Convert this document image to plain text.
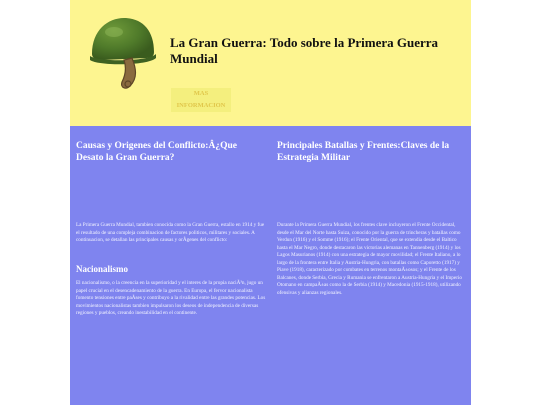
La Gran Guerra: Todo sobre la Primera Guerra Mundial
MAS INFORMACION
Causas y Origenes del Conflicto:Â¿Que Desato la Gran Guerra?

La Primera Guerra Mundial, tambien conocida como la Gran Guerra, estallo en 1914 y fue el resultado de una compleja combinacion de factores politicos, militares y sociales. A continuacion, se detallan las principales causas y orÃgenes del conflicto:

Nacionalismo

El nacionalismo, o la creencia en la superioridad y el interes de la propia naciÃ³n, jugo un papel crucial en el desencadenamiento de la guerra. En Europa, el fervor nacionalista fomento tensiones entre paÃses y contribuyo a la rivalidad entre las grandes potencias. Los movimientos nacionalistas tambien impulsaron los deseos de independencia de diversas regiones y pueblos, creando inestabilidad en el continente.

Principales Batallas y Frentes:Claves de la Estrategia Militar

Durante la Primera Guerra Mundial, los frentes clave incluyeron el Frente Occidental, desde el Mar del Norte hasta Suiza, conocido por la guerra de trincheras y batallas como Verdun (1916) y el Somme (1916); el Frente Oriental, que se extendia desde el Baltico hasta el Mar Negro, donde destacaron las victorias alemanas en Tannenberg (1914) y los Lagos Masurianos (1914) con una estrategia de mayor movilidad; el Frente Italiano, a lo largo de la frontera entre Italia y Austria-Hungria, con batallas como Caporetto (1917) y Piave (1918), caracterizado por combates en terrenos montaÃ±osos; y el Frente de los Balcanes, donde Serbia, Grecia y Rumania se enfrentaron a Austria-Hungria y el Imperio Otomano en campaÃ±as como la de Serbia (1914) y Macedonia (1915-1918), utilizando ofensivas y alianzas regionales.
